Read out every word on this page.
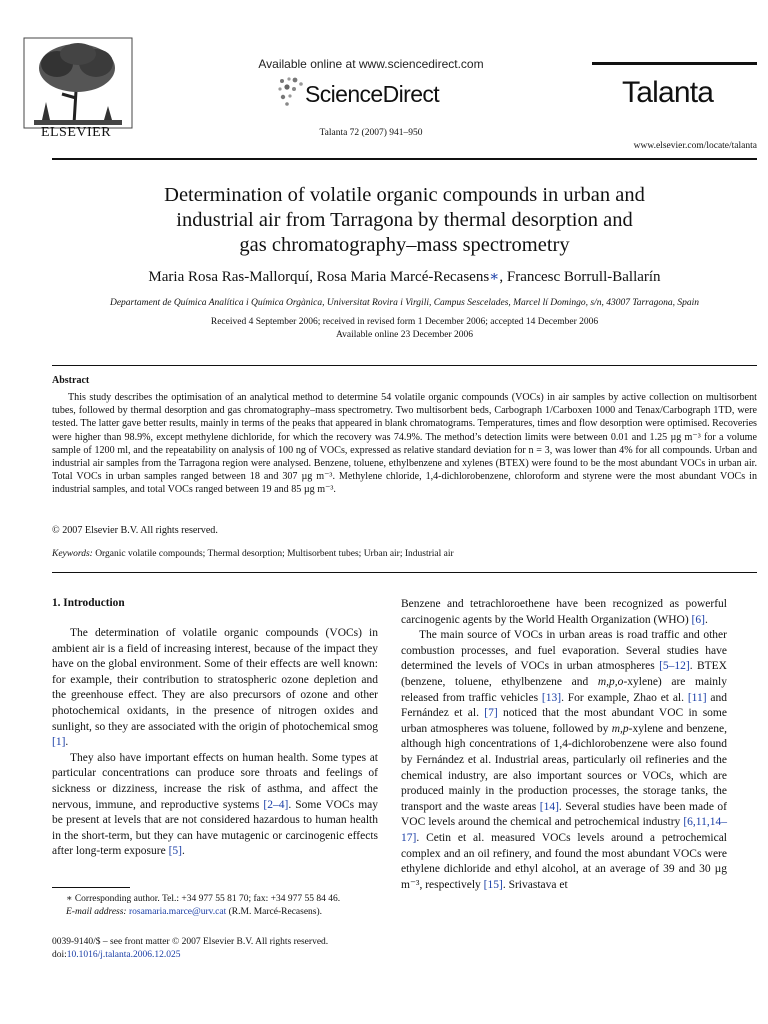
ELSEVIER
Available online at www.sciencedirect.com
ScienceDirect
Talanta 72 (2007) 941–950
Talanta
www.elsevier.com/locate/talanta
Determination of volatile organic compounds in urban and
industrial air from Tarragona by thermal desorption and
gas chromatography–mass spectrometry
Maria Rosa Ras-Mallorquí, Rosa Maria Marcé-Recasens∗, Francesc Borrull-Ballarín
Departament de Química Analítica i Química Orgànica, Universitat Rovira i Virgili, Campus Sescelades, Marcel lí Domingo, s/n, 43007 Tarragona, Spain
Received 4 September 2006; received in revised form 1 December 2006; accepted 14 December 2006
Available online 23 December 2006
Abstract
This study describes the optimisation of an analytical method to determine 54 volatile organic compounds (VOCs) in air samples by active collection on multisorbent tubes, followed by thermal desorption and gas chromatography–mass spectrometry. Two multisorbent beds, Carbograph 1/Carboxen 1000 and Tenax/Carbograph 1TD, were tested. The latter gave better results, mainly in terms of the peaks that appeared in blank chromatograms. Temperatures, times and flow desorption were optimised. Recoveries were higher than 98.9%, except methylene dichloride, for which the recovery was 74.9%. The method’s detection limits were between 0.01 and 1.25 µg m⁻³ for a volume sample of 1200 ml, and the repeatability on analysis of 100 ng of VOCs, expressed as relative standard deviation for n = 3, was lower than 4% for all compounds. Urban and industrial air samples from the Tarragona region were analysed. Benzene, toluene, ethylbenzene and xylenes (BTEX) were found to be the most abundant VOCs in urban air. Total VOCs in urban samples ranged between 18 and 307 µg m⁻³. Methylene chloride, 1,4-dichlorobenzene, chloroform and styrene were the most abundant VOCs in industrial samples, and total VOCs ranged between 19 and 85 µg m⁻³.
© 2007 Elsevier B.V. All rights reserved.
Keywords: Organic volatile compounds; Thermal desorption; Multisorbent tubes; Urban air; Industrial air
1. Introduction

The determination of volatile organic compounds (VOCs) in ambient air is a field of increasing interest, because of the impact they have on the global environment. Some of their effects are well known: for example, their contribution to stratospheric ozone depletion and the greenhouse effect. They are also precursors of ozone and other photochemical oxidants, in the presence of nitrogen oxides and sunlight, so they are associated with the origin of photochemical smog [1].

They also have important effects on human health. Some types at particular concentrations can produce sore throats and feelings of sickness or dizziness, increase the risk of asthma, and affect the nervous, immune, and reproductive systems [2–4]. Some VOCs may be present at levels that are not considered hazardous to human health in the short-term, but they can have mutagenic or carcinogenic effects after long-term exposure [5].

Benzene and tetrachloroethene have been recognized as powerful carcinogenic agents by the World Health Organization (WHO) [6].

The main source of VOCs in urban areas is road traffic and other combustion processes, and fuel evaporation. Several studies have determined the levels of VOCs in urban atmospheres [5–12]. BTEX (benzene, toluene, ethylbenzene and m,p,o-xylene) are mainly released from traffic vehicles [13]. For example, Zhao et al. [11] and Fernández et al. [7] noticed that the most abundant VOC in some urban atmospheres was toluene, followed by m,p-xylene and benzene, although high concentrations of 1,4-dichlorobenzene were also found by Fernández et al. Industrial areas, particularly oil refineries and the chemical industry, are also important sources or VOCs, which are produced mainly in the production processes, the storage tanks, the transport and the waste areas [14]. Several studies have been made of VOC levels around the chemical and petrochemical industry [6,11,14–17]. Cetin et al. measured VOCs levels around a petrochemical complex and an oil refinery, and found the most abundant VOCs were ethylene dichloride and ethyl alcohol, at an average of 39 and 30 µg m⁻³, respectively [15]. Srivastava et

∗ Corresponding author. Tel.: +34 977 55 81 70; fax: +34 977 55 84 46.
E-mail address: rosamaria.marce@urv.cat (R.M. Marcé-Recasens).
0039-9140/$ – see front matter © 2007 Elsevier B.V. All rights reserved.
doi:10.1016/j.talanta.2006.12.025
